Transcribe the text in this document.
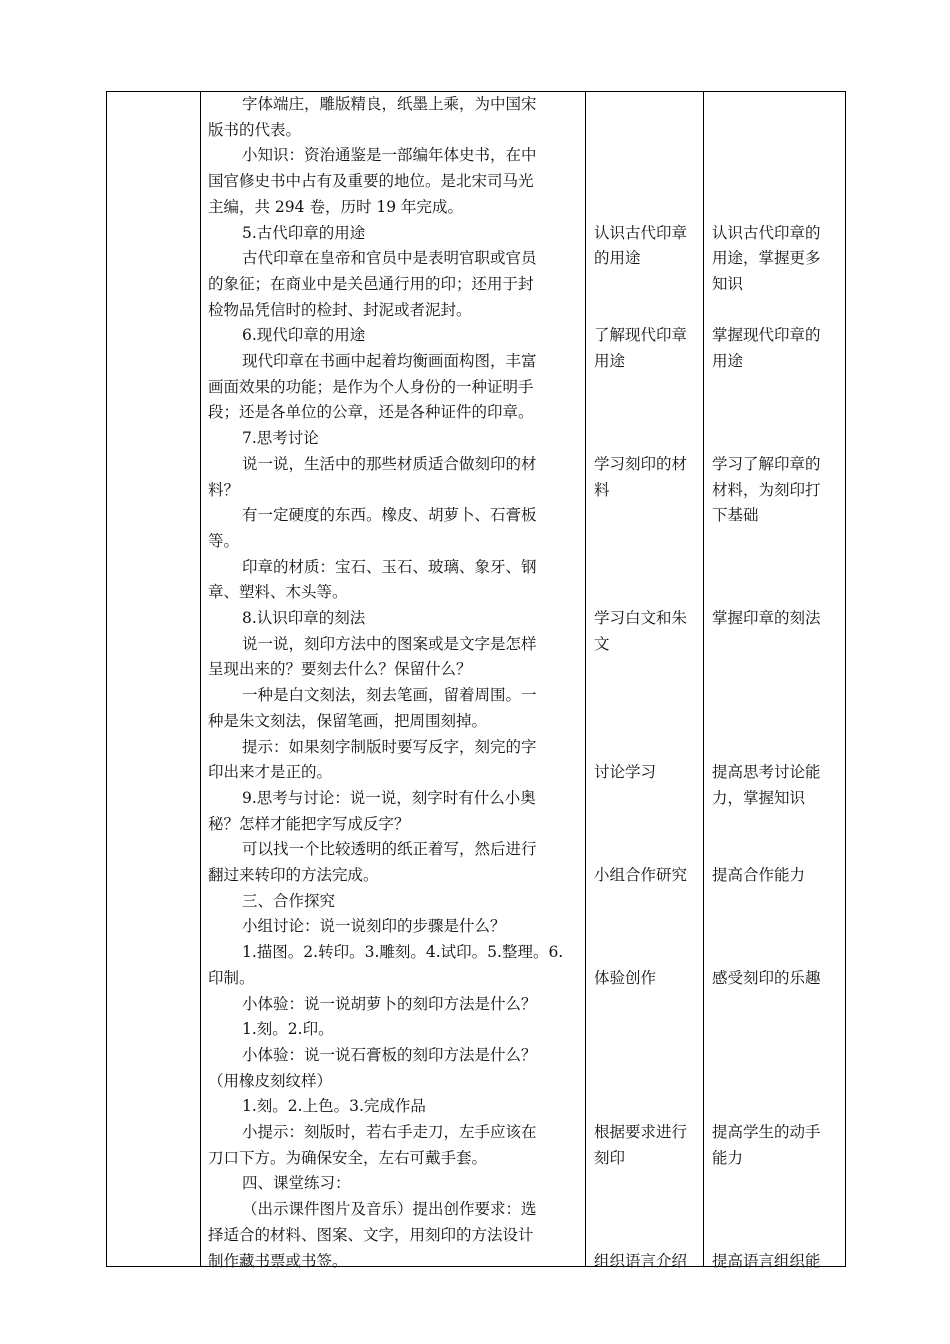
字体端庄，雕版精良，纸墨上乘，为中国宋
版书的代表。
小知识：资治通鉴是一部编年体史书，在中
国官修史书中占有及重要的地位。是北宋司马光
主编，共 294 卷，历时 19 年完成。
5.古代印章的用途
古代印章在皇帝和官员中是表明官职或官员
的象征；在商业中是关邑通行用的印；还用于封
检物品凭信时的检封、封泥或者泥封。
6.现代印章的用途
现代印章在书画中起着均衡画面构图，丰富
画面效果的功能；是作为个人身份的一种证明手
段；还是各单位的公章，还是各种证件的印章。
7.思考讨论
说一说，生活中的那些材质适合做刻印的材
料？
有一定硬度的东西。橡皮、胡萝卜、石膏板
等。
印章的材质：宝石、玉石、玻璃、象牙、钢
章、塑料、木头等。
8.认识印章的刻法
说一说，刻印方法中的图案或是文字是怎样
呈现出来的？要刻去什么？保留什么？
一种是白文刻法，刻去笔画，留着周围。一
种是朱文刻法，保留笔画，把周围刻掉。
提示：如果刻字制版时要写反字，刻完的字
印出来才是正的。
9.思考与讨论：说一说，刻字时有什么小奥
秘？怎样才能把字写成反字？
可以找一个比较透明的纸正着写，然后进行
翻过来转印的方法完成。
三、合作探究
小组讨论：说一说刻印的步骤是什么？
1.描图。2.转印。3.雕刻。4.试印。5.整理。6.
印制。
小体验：说一说胡萝卜的刻印方法是什么？
1.刻。2.印。
小体验：说一说石膏板的刻印方法是什么？
（用橡皮刻纹样）
1.刻。2.上色。3.完成作品
小提示：刻版时，若右手走刀，左手应该在
刀口下方。为确保安全，左右可戴手套。
四、课堂练习：
（出示课件图片及音乐）提出创作要求：选
择适合的材料、图案、文字，用刻印的方法设计
制作藏书票或书签。
认识古代印章
的用途
了解现代印章
用途
学习刻印的材
料
学习白文和朱
文
讨论学习
小组合作研究
体验创作
根据要求进行
刻印
组织语言介绍
认识古代印章的
用途，掌握更多
知识
掌握现代印章的
用途
学习了解印章的
材料，为刻印打
下基础
掌握印章的刻法
提高思考讨论能
力，掌握知识
提高合作能力
感受刻印的乐趣
提高学生的动手
能力
提高语言组织能
